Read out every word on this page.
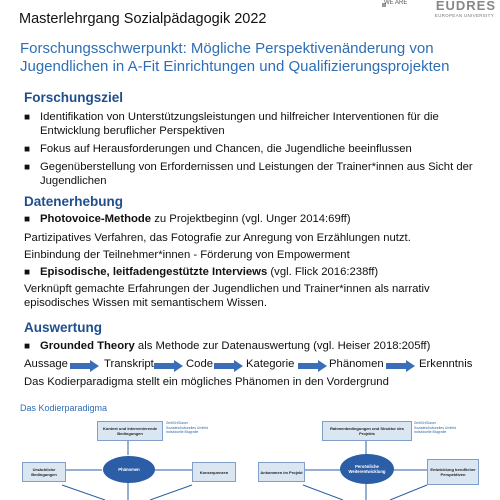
WE ARE EUDRES
EUROPEAN UNIVERSITY
Masterlehrgang Sozialpädagogik 2022
Forschungsschwerpunkt: Mögliche Perspektivenänderung von
Jugendlichen in A-Fit Einrichtungen und Qualifizierungsprojekten
Forschungsziel
■ Identifikation von Unterstützungsleistungen und hilfreicher Interventionen für die Entwicklung beruflicher Perspektiven
■ Fokus auf Herausforderungen und Chancen, die Jugendliche beeinflussen
■ Gegenüberstellung von Erfordernissen und Leistungen der Trainer*innen aus Sicht der Jugendlichen
Datenerhebung
■ Photovoice-Methode zu Projektbeginn (vgl. Unger 2014:69ff)
Partizipatives Verfahren, das Fotografie zur Anregung von Erzählungen nutzt.
Einbindung der Teilnehmer*innen - Förderung von Empowerment
■ Episodische, leitfadengestützte Interviews (vgl. Flick 2016:238ff)
Verknüpft gemachte Erfahrungen der Jugendlichen und Trainer*innen als narrativ episodisches Wissen mit semantischem Wissen.
Auswertung
■ Grounded Theory als Methode zur Datenauswertung (vgl. Heiser 2018:205ff)
Aussage	Transkript	Code	Kategorie	Phänomen	Erkenntnis
Das Kodierparadigma stellt ein mögliches Phänomen in den Vordergrund
Das Kodierparadigma
Kontext und Intervenierende Bedingungen
Zeit/Ort/Dauer Soziales/kulturelles Umfeld Individuelle Biografie
Ursächliche Bedingungen
Phänomen	Konsequenzen
Rahmenbedingungen und Struktur des Projekts
Zeit/Ort/Dauer Soziales/kulturelles Umfeld Individuelle Biografie
Ankommen im Projekt
Persönliche Weiterentwicklung	Entwicklung beruflicher Perspektiven
